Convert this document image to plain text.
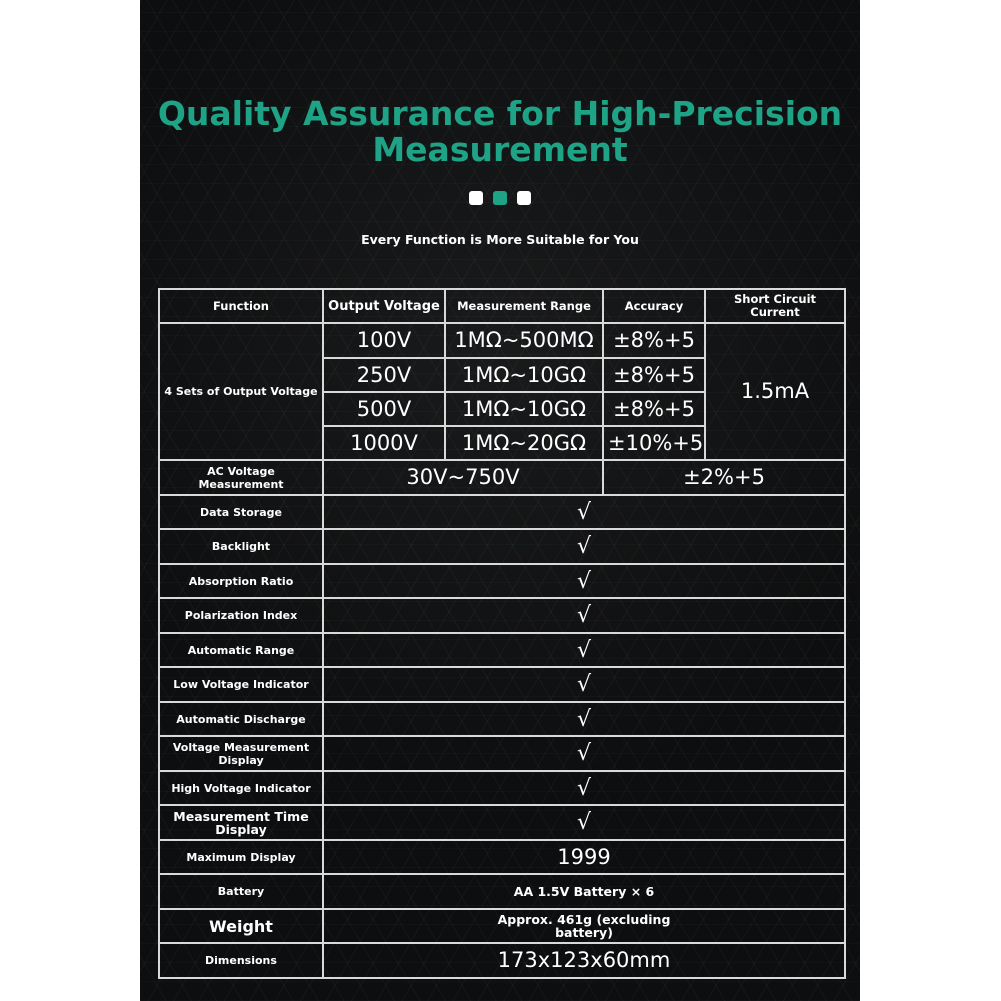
Quality Assurance for High-Precision
Measurement
Every Function is More Suitable for You
Function	Output Voltage	Measurement Range	Accuracy	Short Circuit Current
4 Sets of Output Voltage	100V	1MΩ~500MΩ	±8%+5	1.5mA
	250V	1MΩ~10GΩ	±8%+5	
	500V	1MΩ~10GΩ	±8%+5	
	1000V	1MΩ~20GΩ	±10%+5	
AC Voltage Measurement	30V~750V		±2%+5	
Data Storage	√			
Backlight	√			
Absorption Ratio	√			
Polarization Index	√			
Automatic Range	√			
Low Voltage Indicator	√			
Automatic Discharge	√			
Voltage Measurement Display	√			
High Voltage Indicator	√			
Measurement Time Display	√			
Maximum Display	1999			
Battery	AA 1.5V Battery × 6			
Weight	Approx. 461g (excluding battery)			
Dimensions	173x123x60mm			
